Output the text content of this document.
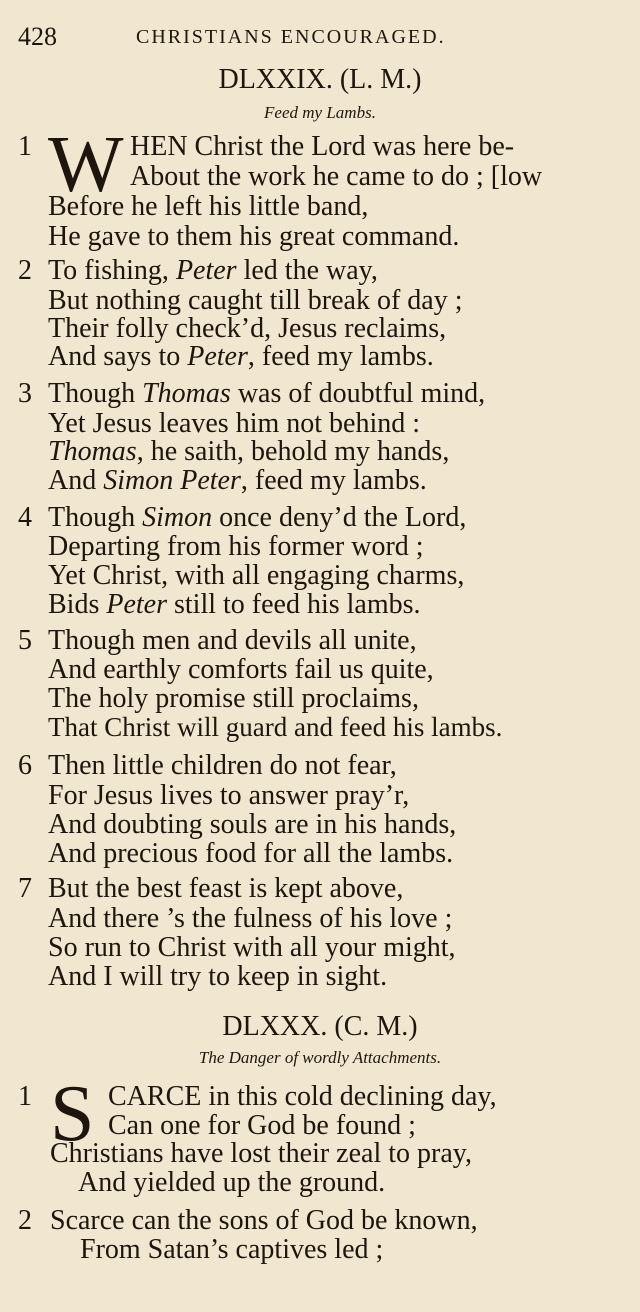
428	CHRISTIANS ENCOURAGED.
DLXXIX. (L. M.)
Feed my Lambs.
1 W HEN Christ the Lord was here be-
About the work he came to do ; [low
Before he left his little band,
He gave to them his great command.
2 To fishing, Peter led the way,
But nothing caught till break of day ;
Their folly check’d, Jesus reclaims,
And says to Peter, feed my lambs.
3 Though Thomas was of doubtful mind,
Yet Jesus leaves him not behind :
Thomas, he saith, behold my hands,
And Simon Peter, feed my lambs.
4 Though Simon once deny’d the Lord,
Departing from his former word ;
Yet Christ, with all engaging charms,
Bids Peter still to feed his lambs.
5 Though men and devils all unite,
And earthly comforts fail us quite,
The holy promise still proclaims,
That Christ will guard and feed his lambs.
6 Then little children do not fear,
For Jesus lives to answer pray’r,
And doubting souls are in his hands,
And precious food for all the lambs.
7 But the best feast is kept above,
And there ’s the fulness of his love ;
So run to Christ with all your might,
And I will try to keep in sight.
DLXXX. (C. M.)
The Danger of wordly Attachments.
1 S CARCE in this cold declining day,
Can one for God be found ;
Christians have lost their zeal to pray,
And yielded up the ground.
2 Scarce can the sons of God be known,
From Satan’s captives led ;
